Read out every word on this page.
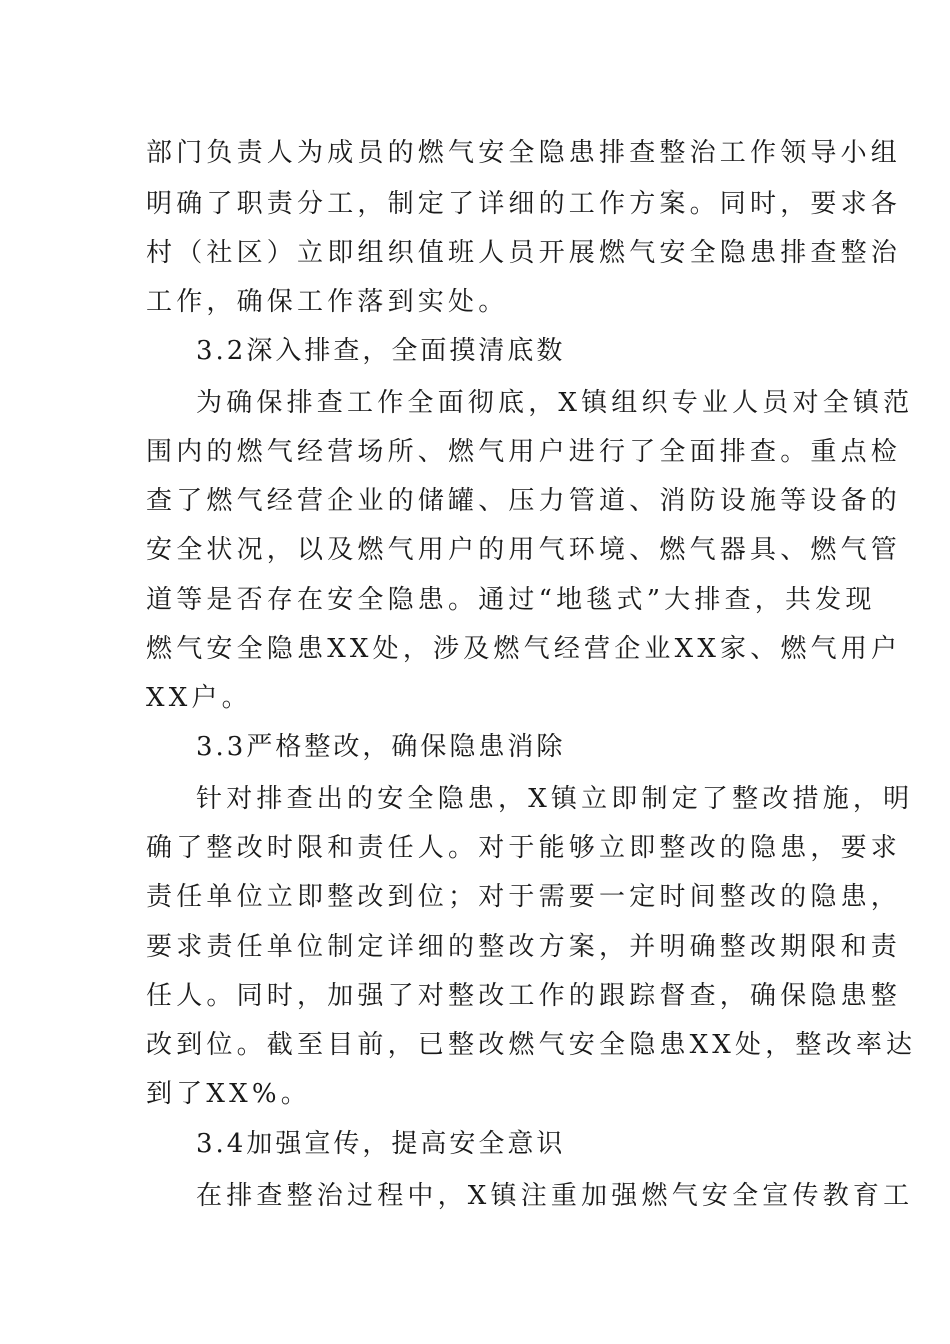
部门负责人为成员的燃气安全隐患排查整治工作领导小组
明确了职责分工，制定了详细的工作方案。同时，要求各
村（社区）立即组织值班人员开展燃气安全隐患排查整治
工作，确保工作落到实处。
3.2深入排查，全面摸清底数
为确保排查工作全面彻底，X镇组织专业人员对全镇范
围内的燃气经营场所、燃气用户进行了全面排查。重点检
查了燃气经营企业的储罐、压力管道、消防设施等设备的
安全状况，以及燃气用户的用气环境、燃气器具、燃气管
道等是否存在安全隐患。通过“地毯式”大排查，共发现
燃气安全隐患XX处，涉及燃气经营企业XX家、燃气用户
XX户。
3.3严格整改，确保隐患消除
针对排查出的安全隐患，X镇立即制定了整改措施，明
确了整改时限和责任人。对于能够立即整改的隐患，要求
责任单位立即整改到位；对于需要一定时间整改的隐患，
要求责任单位制定详细的整改方案，并明确整改期限和责
任人。同时，加强了对整改工作的跟踪督查，确保隐患整
改到位。截至目前，已整改燃气安全隐患XX处，整改率达
到了XX%。
3.4加强宣传，提高安全意识
在排查整治过程中，X镇注重加强燃气安全宣传教育工
